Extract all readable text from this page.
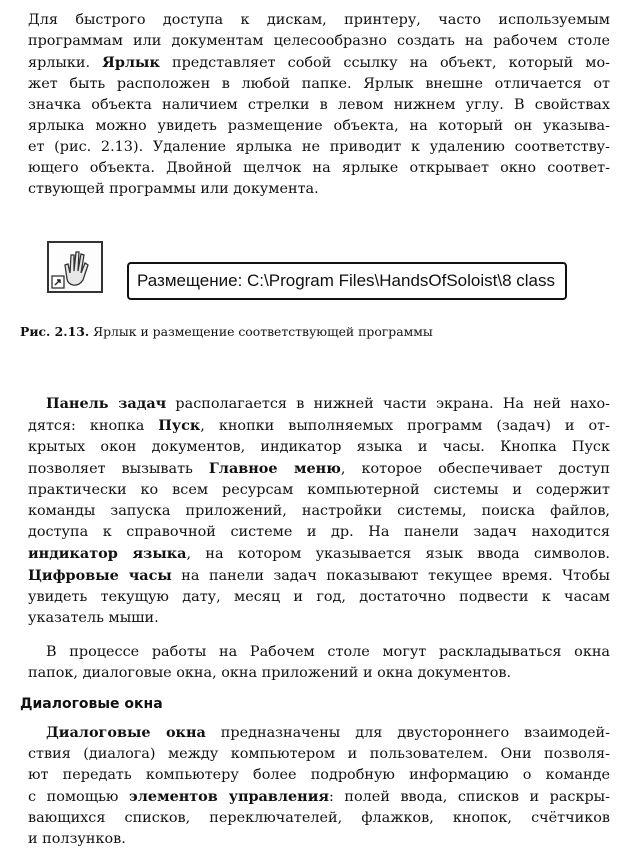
Для быстрого доступа к дискам, принтеру, часто используемым
программам или документам целесообразно создать на рабочем столе
ярлыки. Ярлык представляет собой ссылку на объект, который мо-
жет быть расположен в любой папке. Ярлык внешне отличается от
значка объекта наличием стрелки в левом нижнем углу. В свойствах
ярлыка можно увидеть размещение объекта, на который он указыва-
ет (рис. 2.13). Удаление ярлыка не приводит к удалению соответству-
ющего объекта. Двойной щелчок на ярлыке открывает окно соответ-
ствующей программы или документа.
Размещение: C:\Program Files\HandsOfSoloist\8 class
Рис. 2.13. Ярлык и размещение соответствующей программы
Панель задач располагается в нижней части экрана. На ней нахо-
дятся: кнопка Пуск, кнопки выполняемых программ (задач) и от-
крытых окон документов, индикатор языка и часы. Кнопка Пуск
позволяет вызывать Главное меню, которое обеспечивает доступ
практически ко всем ресурсам компьютерной системы и содержит
команды запуска приложений, настройки системы, поиска файлов,
доступа к справочной системе и др. На панели задач находится
индикатор языка, на котором указывается язык ввода символов.
Цифровые часы на панели задач показывают текущее время. Чтобы
увидеть текущую дату, месяц и год, достаточно подвести к часам
указатель мыши.
В процессе работы на Рабочем столе могут раскладываться окна
папок, диалоговые окна, окна приложений и окна документов.
Диалоговые окна
Диалоговые окна предназначены для двустороннего взаимодей-
ствия (диалога) между компьютером и пользователем. Они позволя-
ют передать компьютеру более подробную информацию о команде
с помощью элементов управления: полей ввода, списков и раскры-
вающихся списков, переключателей, флажков, кнопок, счётчиков
и ползунков.
